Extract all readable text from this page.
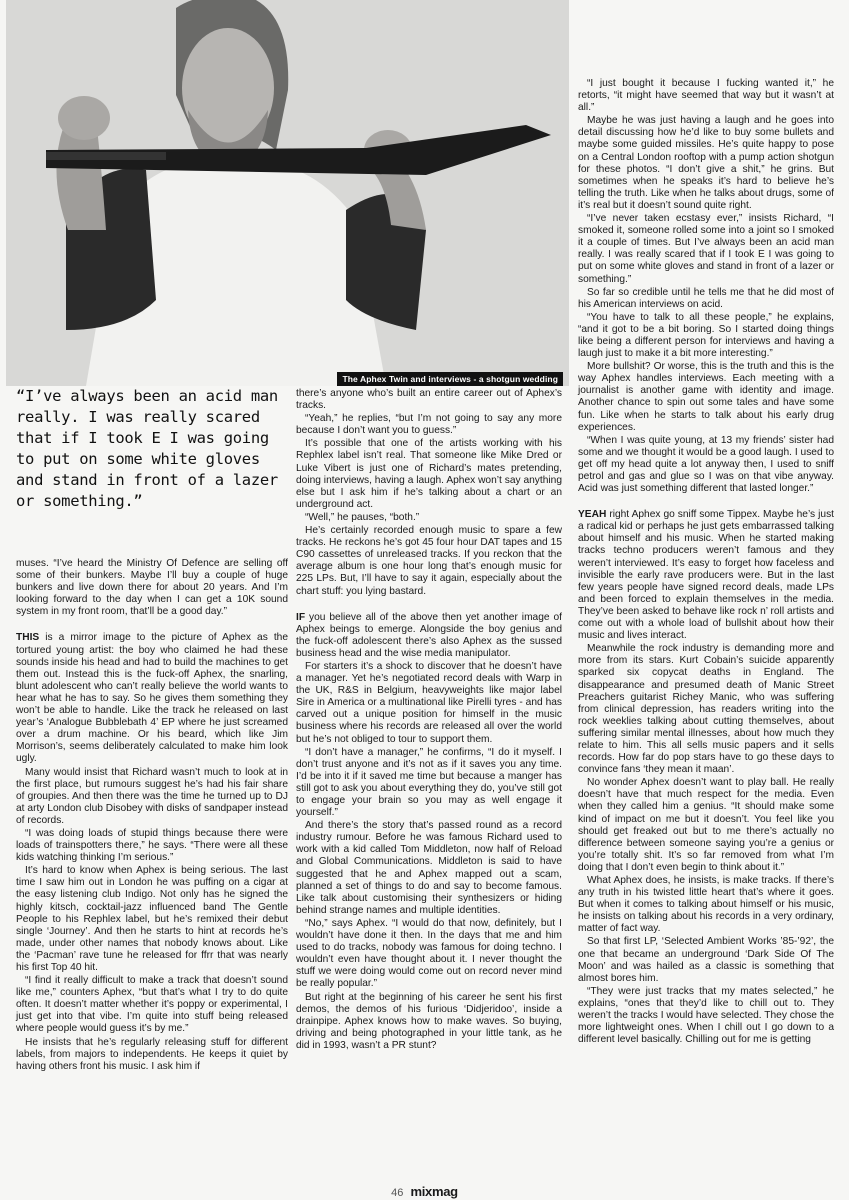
The Aphex Twin and interviews - a shotgun wedding
“I’ve always been an acid man really. I was really scared that if I took E I was going to put on some white gloves and stand in front of a lazer or something.”

muses. “I’ve heard the Ministry Of Defence are selling off some of their bunkers. Maybe I’ll buy a couple of huge bunkers and live down there for about 20 years. And I’m looking forward to the day when I can get a 10K sound system in my front room, that’ll be a good day.”

THIS is a mirror image to the picture of Aphex as the tortured young artist: the boy who claimed he had these sounds inside his head and had to build the machines to get them out. Instead this is the fuck-off Aphex, the snarling, blunt adolescent who can’t really believe the world wants to hear what he has to say. So he gives them something they won’t be able to handle. Like the track he released on last year’s ‘Analogue Bubblebath 4’ EP where he just screamed over a drum machine. Or his beard, which like Jim Morrison’s, seems deliberately calculated to make him look ugly.

Many would insist that Richard wasn’t much to look at in the first place, but rumours suggest he’s had his fair share of groupies. And then there was the time he turned up to DJ at arty London club Disobey with disks of sandpaper instead of records.

“I was doing loads of stupid things because there were loads of trainspotters there,” he says. “There were all these kids watching thinking I’m serious.”

It’s hard to know when Aphex is being serious. The last time I saw him out in London he was puffing on a cigar at the easy listening club Indigo. Not only has he signed the highly kitsch, cocktail-jazz influenced band The Gentle People to his Rephlex label, but he’s remixed their debut single ‘Journey’. And then he starts to hint at records he’s made, under other names that nobody knows about. Like the ‘Pacman’ rave tune he released for ffrr that was nearly his first Top 40 hit.

“I find it really difficult to make a track that doesn’t sound like me,” counters Aphex, “but that’s what I try to do quite often. It doesn’t matter whether it’s poppy or experimental, I just get into that vibe. I’m quite into stuff being released where people would guess it’s by me.”

He insists that he’s regularly releasing stuff for different labels, from majors to independents. He keeps it quiet by having others front his music. I ask him if

there’s anyone who’s built an entire career out of Aphex’s tracks.

“Yeah,” he replies, “but I’m not going to say any more because I don’t want you to guess.”

It’s possible that one of the artists working with his Rephlex label isn’t real. That someone like Mike Dred or Luke Vibert is just one of Richard’s mates pretending, doing interviews, having a laugh. Aphex won’t say anything else but I ask him if he’s talking about a chart or an underground act.

“Well,” he pauses, “both.”

He’s certainly recorded enough music to spare a few tracks. He reckons he’s got 45 four hour DAT tapes and 15 C90 cassettes of unreleased tracks. If you reckon that the average album is one hour long that’s enough music for 225 LPs. But, I’ll have to say it again, especially about the chart stuff: you lying bastard.

IF you believe all of the above then yet another image of Aphex beings to emerge. Alongside the boy genius and the fuck-off adolescent there’s also Aphex as the sussed business head and the wise media manipulator.

For starters it’s a shock to discover that he doesn’t have a manager. Yet he’s negotiated record deals with Warp in the UK, R&S in Belgium, heavyweights like major label Sire in America or a multinational like Pirelli tyres - and has carved out a unique position for himself in the music business where his records are released all over the world but he’s not obliged to tour to support them.

“I don’t have a manager,” he confirms, “I do it myself. I don’t trust anyone and it’s not as if it saves you any time. I’d be into it if it saved me time but because a manger has still got to ask you about everything they do, you’ve still got to engage your brain so you may as well engage it yourself.”

And there’s the story that’s passed round as a record industry rumour. Before he was famous Richard used to work with a kid called Tom Middleton, now half of Reload and Global Communications. Middleton is said to have suggested that he and Aphex mapped out a scam, planned a set of things to do and say to become famous. Like talk about customising their synthesizers or hiding behind strange names and multiple identities.

“No,” says Aphex. “I would do that now, definitely, but I wouldn’t have done it then. In the days that me and him used to do tracks, nobody was famous for doing techno. I wouldn’t even have thought about it. I never thought the stuff we were doing would come out on record never mind be really popular.”

But right at the beginning of his career he sent his first demos, the demos of his furious ‘Didjeridoo’, inside a drainpipe. Aphex knows how to make waves. So buying, driving and being photographed in your little tank, as he did in 1993, wasn’t a PR stunt?

“I just bought it because I fucking wanted it,” he retorts, “it might have seemed that way but it wasn’t at all.”

Maybe he was just having a laugh and he goes into detail discussing how he’d like to buy some bullets and maybe some guided missiles. He’s quite happy to pose on a Central London rooftop with a pump action shotgun for these photos. “I don’t give a shit,” he grins. But sometimes when he speaks it’s hard to believe he’s telling the truth. Like when he talks about drugs, some of it’s real but it doesn’t sound quite right.

“I’ve never taken ecstasy ever,” insists Richard, “I smoked it, someone rolled some into a joint so I smoked it a couple of times. But I’ve always been an acid man really. I was really scared that if I took E I was going to put on some white gloves and stand in front of a lazer or something.”

So far so credible until he tells me that he did most of his American interviews on acid.

“You have to talk to all these people,” he explains, “and it got to be a bit boring. So I started doing things like being a different person for interviews and having a laugh just to make it a bit more interesting.”

More bullshit? Or worse, this is the truth and this is the way Aphex handles interviews. Each meeting with a journalist is another game with identity and image. Another chance to spin out some tales and have some fun. Like when he starts to talk about his early drug experiences.

“When I was quite young, at 13 my friends’ sister had some and we thought it would be a good laugh. I used to get off my head quite a lot anyway then, I used to sniff petrol and gas and glue so I was on that vibe anyway. Acid was just something different that lasted longer.”

YEAH right Aphex go sniff some Tippex. Maybe he’s just a radical kid or perhaps he just gets embarrassed talking about himself and his music. When he started making tracks techno producers weren’t famous and they weren’t interviewed. It’s easy to forget how faceless and invisible the early rave producers were. But in the last few years people have signed record deals, made LPs and been forced to explain themselves in the media. They’ve been asked to behave like rock n’ roll artists and come out with a whole load of bullshit about how their music and lives interact.

Meanwhile the rock industry is demanding more and more from its stars. Kurt Cobain’s suicide apparently sparked six copycat deaths in England. The disappearance and presumed death of Manic Street Preachers guitarist Richey Manic, who was suffering from clinical depression, has readers writing into the rock weeklies talking about cutting themselves, about suffering similar mental illnesses, about how much they relate to him. This all sells music papers and it sells records. How far do pop stars have to go these days to convince fans ‘they mean it maan’.

No wonder Aphex doesn’t want to play ball. He really doesn’t have that much respect for the media. Even when they called him a genius. “It should make some kind of impact on me but it doesn’t. You feel like you should get freaked out but to me there’s actually no difference between someone saying you’re a genius or you’re totally shit. It’s so far removed from what I’m doing that I don’t even begin to think about it.”

What Aphex does, he insists, is make tracks. If there’s any truth in his twisted little heart that’s where it goes. But when it comes to talking about himself or his music, he insists on talking about his records in a very ordinary, matter of fact way.

So that first LP, ‘Selected Ambient Works ’85-’92’, the one that became an underground ‘Dark Side Of The Moon’ and was hailed as a classic is something that almost bores him.

“They were just tracks that my mates selected,” he explains, “ones that they’d like to chill out to. They weren’t the tracks I would have selected. They chose the more lightweight ones. When I chill out I go down to a different level basically. Chilling out for me is getting

46 mixmag
